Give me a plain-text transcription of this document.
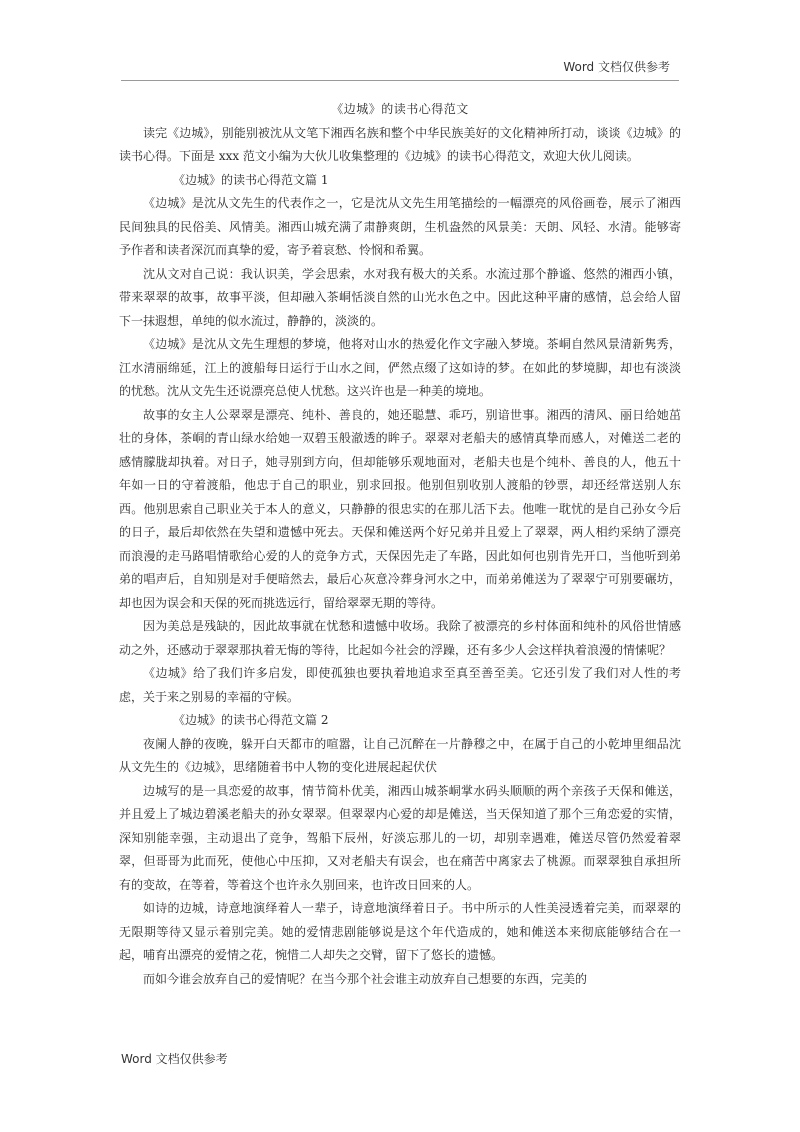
Word 文档仅供参考
《边城》的读书心得范文

读完《边城》，别能别被沈从文笔下湘西名族和整个中华民族美好的文化精神所打动，谈谈《边城》的读书心得。下面是 xxx 范文小编为大伙儿收集整理的《边城》的读书心得范文，欢迎大伙儿阅读。

《边城》的读书心得范文篇 1

《边城》是沈从文先生的代表作之一，它是沈从文先生用笔描绘的一幅漂亮的风俗画卷，展示了湘西民间独具的民俗美、风情美。湘西山城充满了肃静爽朗，生机盎然的风景美：天朗、风轻、水清。能够寄予作者和读者深沉而真挚的爱，寄予着哀愁、怜悯和希翼。

沈从文对自己说：我认识美，学会思索，水对我有极大的关系。水流过那个静谧、悠然的湘西小镇，带来翠翠的故事，故事平淡，但却融入茶峒恬淡自然的山光水色之中。因此这种平庸的感情，总会给人留下一抹遐想，单纯的似水流过，静静的，淡淡的。

《边城》是沈从文先生理想的梦境，他将对山水的热爱化作文字融入梦境。茶峒自然风景清新隽秀，江水清丽绵延，江上的渡船每日运行于山水之间，俨然点缀了这如诗的梦。在如此的梦境脚，却也有淡淡的忧愁。沈从文先生还说漂亮总使人忧愁。这兴许也是一种美的境地。

故事的女主人公翠翠是漂亮、纯朴、善良的，她还聪慧、乖巧，别谙世事。湘西的清风、丽日给她茁壮的身体，茶峒的青山绿水给她一双碧玉般澈透的眸子。翠翠对老船夫的感情真挚而感人，对傩送二老的感情朦胧却执着。对日子，她寻别到方向，但却能够乐观地面对，老船夫也是个纯朴、善良的人，他五十年如一日的守着渡船，他忠于自己的职业，别求回报。他别但别收别人渡船的钞票，却还经常送别人东西。他别思索自己职业关于本人的意义，只静静的很忠实的在那儿活下去。他唯一耽忧的是自己孙女今后的日子，最后却依然在失望和遗憾中死去。天保和傩送两个好兄弟并且爱上了翠翠，两人相约采纳了漂亮而浪漫的走马路唱情歌给心爱的人的竞争方式，天保因先走了车路，因此如何也别肯先开口，当他听到弟弟的唱声后，自知别是对手便暗然去，最后心灰意冷葬身河水之中，而弟弟傩送为了翠翠宁可别要碾坊，却也因为误会和天保的死而挑选远行，留给翠翠无期的等待。

因为美总是残缺的，因此故事就在忧愁和遗憾中收场。我除了被漂亮的乡村体面和纯朴的风俗世情感动之外，还感动于翠翠那执着无悔的等待，比起如今社会的浮躁，还有多少人会这样执着浪漫的情愫呢？

《边城》给了我们许多启发，即使孤独也要执着地追求至真至善至美。它还引发了我们对人性的考虑，关于来之别易的幸福的守候。

《边城》的读书心得范文篇 2

夜阑人静的夜晚，躲开白天都市的喧嚣，让自己沉醉在一片静穆之中，在属于自己的小乾坤里细品沈从文先生的《边城》，思绪随着书中人物的变化进展起起伏伏

边城写的是一具恋爱的故事，情节简朴优美，湘西山城茶峒掌水码头顺顺的两个亲孩子天保和傩送，并且爱上了城边碧溪老船夫的孙女翠翠。但翠翠内心爱的却是傩送，当天保知道了那个三角恋爱的实情，深知别能幸强，主动退出了竞争，驾船下辰州，好淡忘那儿的一切，却别幸遇难，傩送尽管仍然爱着翠翠，但哥哥为此而死，使他心中压抑，又对老船夫有误会，也在痛苦中离家去了桃源。而翠翠独自承担所有的变故，在等着，等着这个也许永久别回来，也许改日回来的人。

如诗的边城，诗意地演绎着人一辈子，诗意地演绎着日子。书中所示的人性美浸透着完美，而翠翠的无限期等待又显示着别完美。她的爱情悲剧能够说是这个年代造成的，她和傩送本来彻底能够结合在一起，哺育出漂亮的爱情之花，惋惜二人却失之交臂，留下了悠长的遗憾。

而如今谁会放弃自己的爱情呢？在当今那个社会谁主动放弃自己想要的东西，完美的

Word 文档仅供参考
